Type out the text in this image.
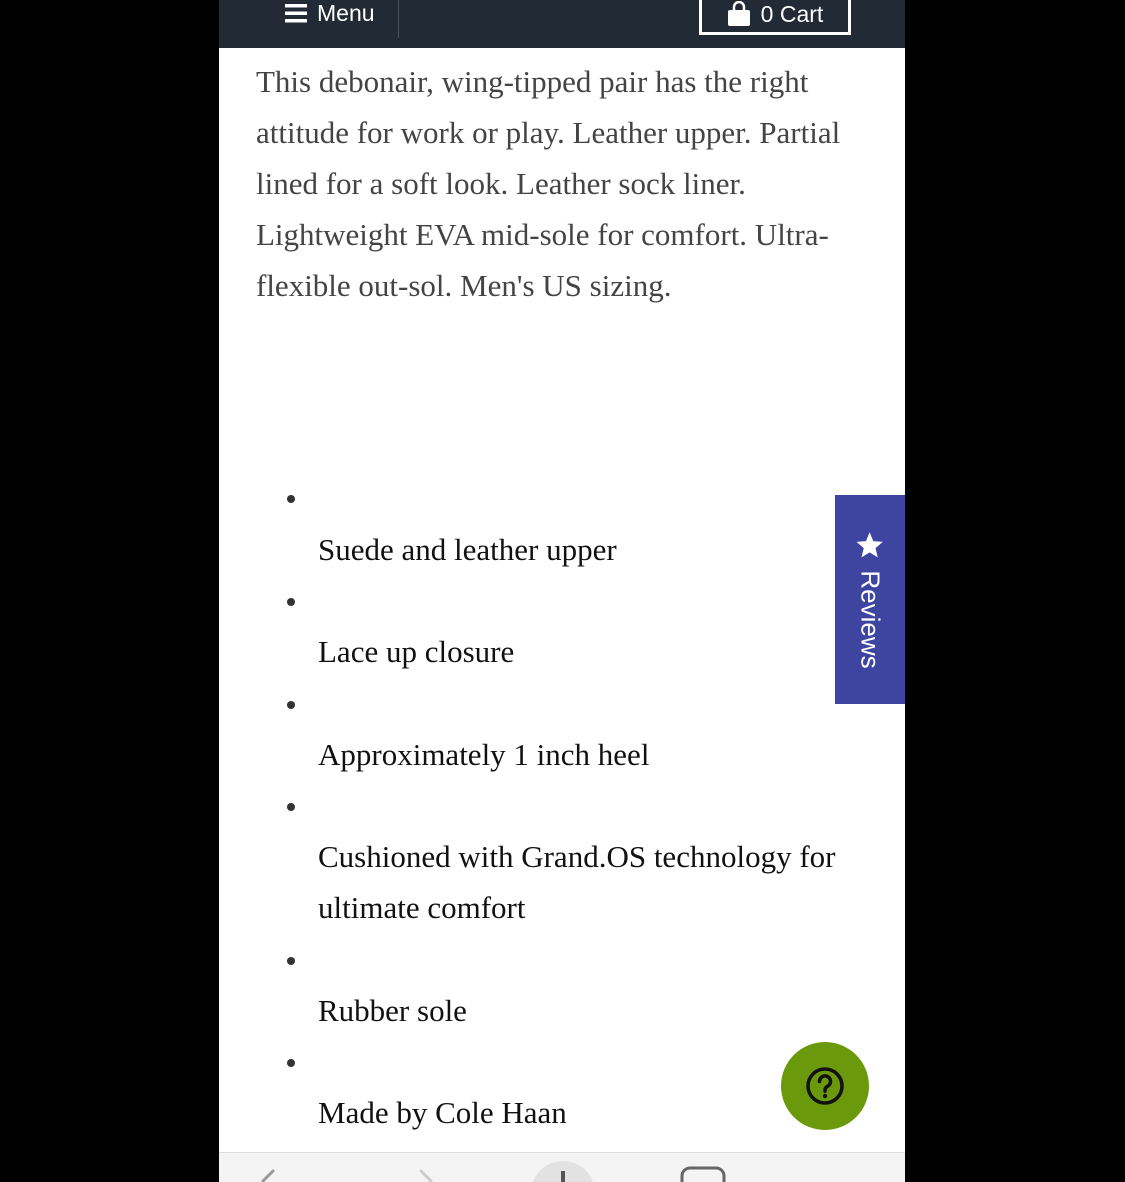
Menu	0 Cart

This debonair, wing-tipped pair has the right attitude for work or play. Leather upper. Partial lined for a soft look. Leather sock liner. Lightweight EVA mid-sole for comfort. Ultra-flexible out-sol. Men's US sizing.

Suede and leather upper
Lace up closure
Approximately 1 inch heel
Cushioned with Grand.OS technology for ultimate comfort
Rubber sole
Made by Cole Haan
Reviews
